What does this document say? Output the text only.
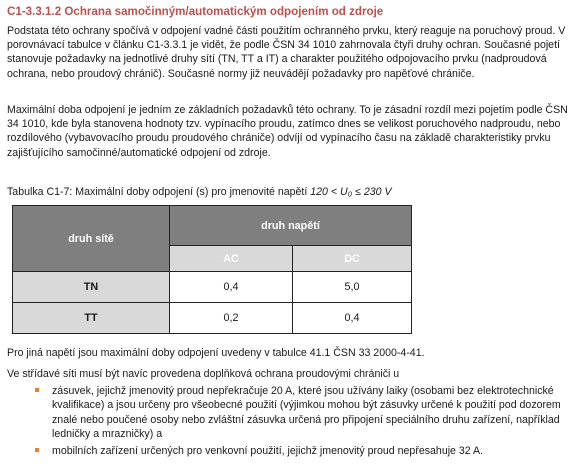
C1-3.3.1.2 Ochrana samočinným/automatickým odpojením od zdroje

Podstata této ochrany spočívá v odpojení vadné části použitím ochranného prvku, který reaguje na poruchový proud. V porovnávací tabulce v článku C1-3.3.1 je vidět, že podle ČSN 34 1010 zahrnovala čtyři druhy ochran. Současné pojetí stanovuje požadavky na jednotlivé druhy sítí (TN, TT a IT) a charakter použitého odpojovacího prvku (nadproudová ochrana, nebo proudový chránič). Současné normy již neuvádějí požadavky pro napěťové chrániče.

Maximální doba odpojení je jedním ze základních požadavků této ochrany. To je zásadní rozdíl mezi pojetím podle ČSN 34 1010, kde byla stanovena hodnoty tzv. vypínacího proudu, zatímco dnes se velikost poruchového nadproudu, nebo rozdílového (vybavovacího proudu proudového chrániče) odvíjí od vypínacího času na základě charakteristiky prvku zajišťujícího samočinné/automatické odpojení od zdroje.

Tabulka C1-7: Maximální doby odpojení (s) pro jmenovité napětí 120 < U₀ ≤ 230 V

druh sítě	druh napětí	
	AC	DC
TN	0,4	5,0
TT	0,2	0,4

Pro jiná napětí jsou maximální doby odpojení uvedeny v tabulce 41.1 ČSN 33 2000-4-41.

Ve střídavé síti musí být navíc provedena doplňková ochrana proudovými chrániči u

zásuvek, jejichž jmenovitý proud nepřekračuje 20 A, které jsou užívány laiky (osobami bez elektrotechnické kvalifikace) a jsou určeny pro všeobecné použití (výjimkou mohou být zásuvky určené k použití pod dozorem znalé nebo poučené osoby nebo zvláštní zásuvka určená pro připojení speciálního druhu zařízení, například ledničky a mrazničky) a
mobilních zařízení určených pro venkovní použití, jejichž jmenovitý proud nepřesahuje 32 A.
